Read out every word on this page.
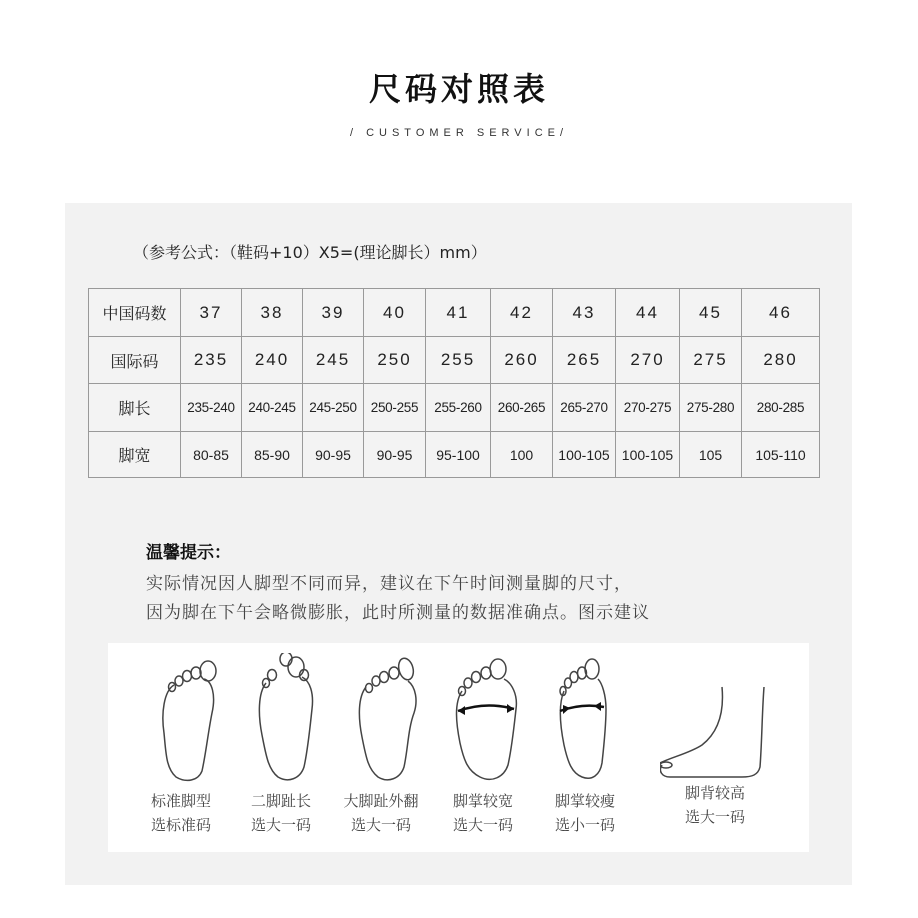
尺码对照表
/ CUSTOMER SERVICE/
（参考公式：（鞋码+10）X5=(理论脚长）mm）
中国码数	37	38	39	40	41	42	43	44	45	46
国际码	235	240	245	250	255	260	265	270	275	280
脚长	235-240	240-245	245-250	250-255	255-260	260-265	265-270	270-275	275-280	280-285
脚宽	80-85	85-90	90-95	90-95	95-100	100	100-105	100-105	105	105-110
温馨提示：
实际情况因人脚型不同而异，建议在下午时间测量脚的尺寸，
因为脚在下午会略微膨胀，此时所测量的数据准确点。图示建议
标准脚型
选标准码
二脚趾长
选大一码
大脚趾外翻
选大一码
脚掌较宽
选大一码
脚掌较瘦
选小一码
脚背较高
选大一码
